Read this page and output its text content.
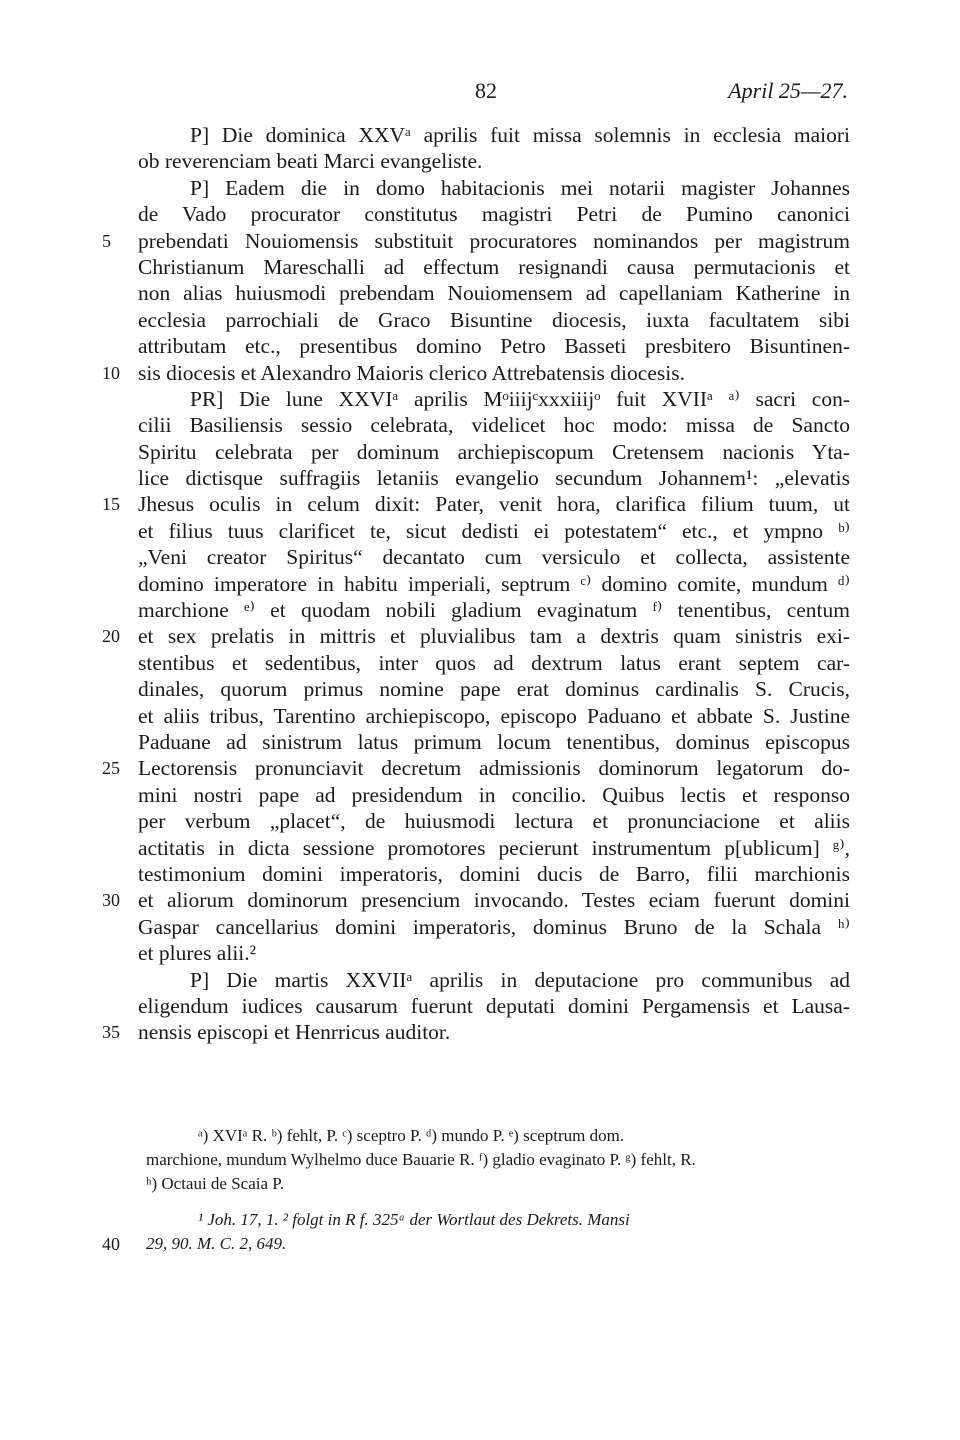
82	April 25—27.
P] Die dominica XXVᵃ aprilis fuit missa solemnis in ecclesia maiori
ob reverenciam beati Marci evangeliste.
P] Eadem die in domo habitacionis mei notarii magister Johannes
de Vado procurator constitutus magistri Petri de Pumino canonici
5	prebendati Nouiomensis substituit procuratores nominandos per magistrum
Christianum Mareschalli ad effectum resignandi causa permutacionis et
non alias huiusmodi prebendam Nouiomensem ad capellaniam Katherine in
ecclesia parrochiali de Graco Bisuntine diocesis, iuxta facultatem sibi
attributam etc., presentibus domino Petro Basseti presbitero Bisuntinen-
10 sis diocesis et Alexandro Maioris clerico Attrebatensis diocesis.
PR] Die lune XXVIᵃ aprilis Mᵒiiijᶜxxxiiijᵒ fuit XVIIᵃ ᵃ⁾ sacri con-
cilii Basiliensis sessio celebrata, videlicet hoc modo: missa de Sancto
Spiritu celebrata per dominum archiepiscopum Cretensem nacionis Yta-
lice dictisque suffragiis letaniis evangelio secundum Johannem¹: „elevatis
15 Jhesus oculis in celum dixit: Pater, venit hora, clarifica filium tuum, ut
et filius tuus clarificet te, sicut dedisti ei potestatem“ etc., et ympno ᵇ⁾
„Veni creator Spiritus“ decantato cum versiculo et collecta, assistente
domino imperatore in habitu imperiali, septrum ᶜ⁾ domino comite, mundum ᵈ⁾
marchione ᵉ⁾ et quodam nobili gladium evaginatum ᶠ⁾ tenentibus, centum
20 et sex prelatis in mittris et pluvialibus tam a dextris quam sinistris exi-
stentibus et sedentibus, inter quos ad dextrum latus erant septem car-
dinales, quorum primus nomine pape erat dominus cardinalis S. Crucis,
et aliis tribus, Tarentino archiepiscopo, episcopo Paduano et abbate S. Justine
Paduane ad sinistrum latus primum locum tenentibus, dominus episcopus
25 Lectorensis pronunciavit decretum admissionis dominorum legatorum do-
mini nostri pape ad presidendum in concilio. Quibus lectis et responso
per verbum „placet“, de huiusmodi lectura et pronunciacione et aliis
actitatis in dicta sessione promotores pecierunt instrumentum p[ublicum] ᵍ⁾,
testimonium domini imperatoris, domini ducis de Barro, filii marchionis
30 et aliorum dominorum presencium invocando. Testes eciam fuerunt domini
Gaspar cancellarius domini imperatoris, dominus Bruno de la Schala ʰ⁾
et plures alii.²
P] Die martis XXVIIᵃ aprilis in deputacione pro communibus ad
eligendum iudices causarum fuerunt deputati domini Pergamensis et Lausa-
35 nensis episcopi et Henrricus auditor.
ᵃ) XVIᵃ R. ᵇ) fehlt, P. ᶜ) sceptro P. ᵈ) mundo P. ᵉ) sceptrum dom.
marchione, mundum Wylhelmo duce Bauarie R. ᶠ) gladio evaginato P. ᵍ) fehlt, R.
ʰ) Octaui de Scaia P.
¹ Joh. 17, 1. ² folgt in R f. 325ᵃ der Wortlaut des Dekrets. Mansi
40 29, 90. M. C. 2, 649.
